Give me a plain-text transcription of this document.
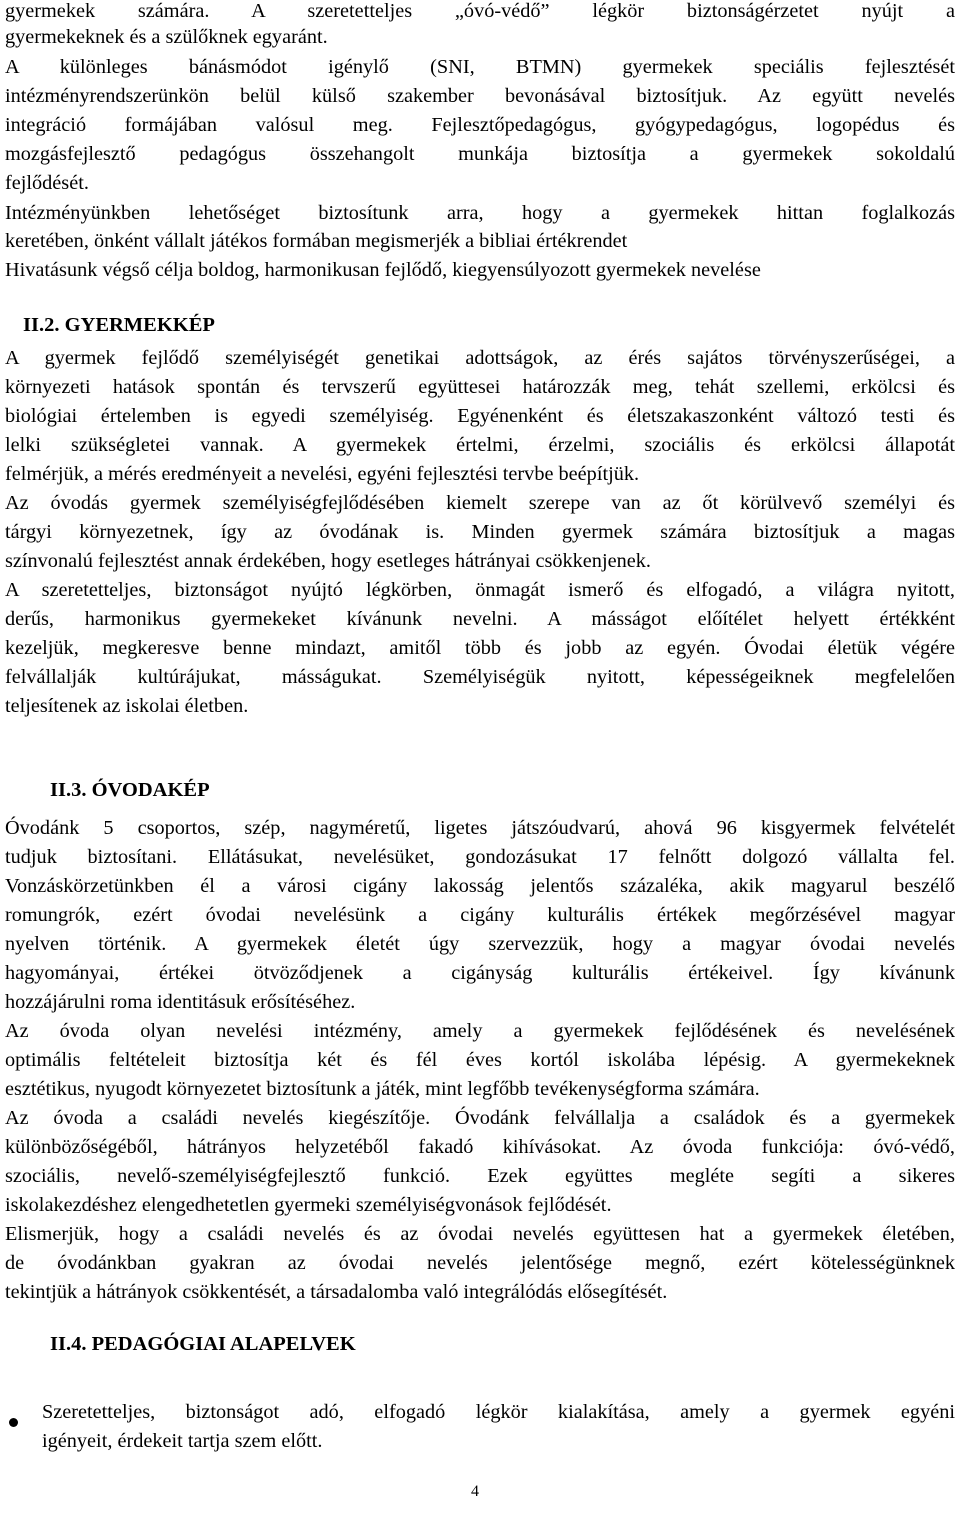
gyermekek számára. A szeretetteljes „óvó-védő” légkör biztonságérzetet nyújt a
gyermekeknek és a szülőknek egyaránt.
A különleges bánásmódot igénylő (SNI, BTMN) gyermekek speciális fejlesztését
intézményrendszerünkön belül külső szakember bevonásával biztosítjuk. Az együtt nevelés
integráció formájában valósul meg. Fejlesztőpedagógus, gyógypedagógus, logopédus és
mozgásfejlesztő pedagógus összehangolt munkája biztosítja a gyermekek sokoldalú
fejlődését.
Intézményünkben lehetőséget biztosítunk arra, hogy a gyermekek hittan foglalkozás
keretében, önként vállalt játékos formában megismerjék a bibliai értékrendet
Hivatásunk végső célja boldog, harmonikusan fejlődő, kiegyensúlyozott gyermekek nevelése
II.2. GYERMEKKÉP
A gyermek fejlődő személyiségét genetikai adottságok, az érés sajátos törvényszerűségei, a
környezeti hatások spontán és tervszerű együttesei határozzák meg, tehát szellemi, erkölcsi és
biológiai értelemben is egyedi személyiség. Egyénenként és életszakaszonként változó testi és
lelki szükségletei vannak. A gyermekek értelmi, érzelmi, szociális és erkölcsi állapotát
felmérjük, a mérés eredményeit a nevelési, egyéni fejlesztési tervbe beépítjük.
Az óvodás gyermek személyiségfejlődésében kiemelt szerepe van az őt körülvevő személyi és
tárgyi környezetnek, így az óvodának is. Minden gyermek számára biztosítjuk a magas
színvonalú fejlesztést annak érdekében, hogy esetleges hátrányai csökkenjenek.
A szeretetteljes, biztonságot nyújtó légkörben, önmagát ismerő és elfogadó, a világra nyitott,
derűs, harmonikus gyermekeket kívánunk nevelni. A másságot előítélet helyett értékként
kezeljük, megkeresve benne mindazt, amitől több és jobb az egyén. Óvodai életük végére
felvállalják kultúrájukat, másságukat. Személyiségük nyitott, képességeiknek megfelelően
teljesítenek az iskolai életben.
II.3. ÓVODAKÉP
Óvodánk 5 csoportos, szép, nagyméretű, ligetes játszóudvarú, ahová 96 kisgyermek felvételét
tudjuk biztosítani. Ellátásukat, nevelésüket, gondozásukat 17 felnőtt dolgozó vállalta fel.
Vonzáskörzetünkben él a városi cigány lakosság jelentős százaléka, akik magyarul beszélő
romungrók, ezért óvodai nevelésünk a cigány kulturális értékek megőrzésével magyar
nyelven történik. A gyermekek életét úgy szervezzük, hogy a magyar óvodai nevelés
hagyományai, értékei ötvöződjenek a cigányság kulturális értékeivel. Így kívánunk
hozzájárulni roma identitásuk erősítéséhez.
Az óvoda olyan nevelési intézmény, amely a gyermekek fejlődésének és nevelésének
optimális feltételeit biztosítja két és fél éves kortól iskolába lépésig. A gyermekeknek
esztétikus, nyugodt környezetet biztosítunk a játék, mint legfőbb tevékenységforma számára.
Az óvoda a családi nevelés kiegészítője. Óvodánk felvállalja a családok és a gyermekek
különbözőségéből, hátrányos helyzetéből fakadó kihívásokat. Az óvoda funkciója: óvó-védő,
szociális, nevelő-személyiségfejlesztő funkció. Ezek együttes megléte segíti a sikeres
iskolakezdéshez elengedhetetlen gyermeki személyiségvonások fejlődését.
Elismerjük, hogy a családi nevelés és az óvodai nevelés együttesen hat a gyermekek életében,
de óvodánkban gyakran az óvodai nevelés jelentősége megnő, ezért kötelességünknek
tekintjük a hátrányok csökkentését, a társadalomba való integrálódás elősegítését.
II.4. PEDAGÓGIAI ALAPELVEK
Szeretetteljes, biztonságot adó, elfogadó légkör kialakítása, amely a gyermek egyéni
igényeit, érdekeit tartja szem előtt.
4
